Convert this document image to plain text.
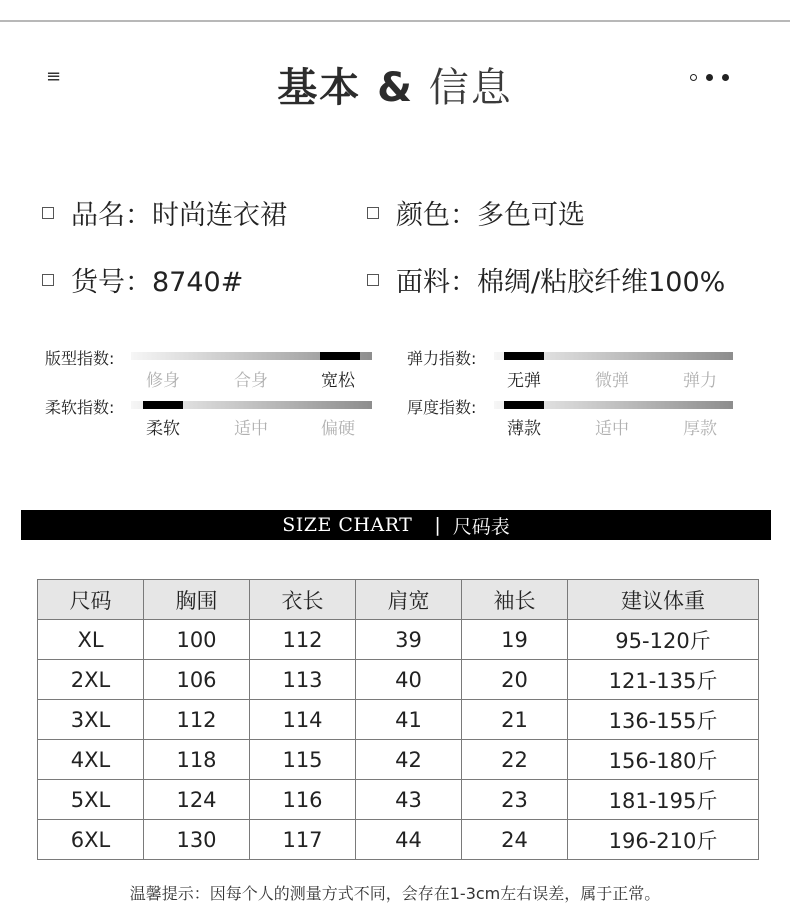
≡	基本 & 信息
品名：时尚连衣裙	颜色：多色可选
货号：8740#	面料：棉绸/粘胶纤维100%
版型指数:
修身	合身	宽松
弹力指数:
无弹	微弹	弹力
柔软指数:
柔软	适中	偏硬
厚度指数:
薄款	适中	厚款
SIZE CHART | 尺码表
尺码	胸围	衣长	肩宽	袖长	建议体重
XL	100	112	39	19	95-120斤
2XL	106	113	40	20	121-135斤
3XL	112	114	41	21	136-155斤
4XL	118	115	42	22	156-180斤
5XL	124	116	43	23	181-195斤
6XL	130	117	44	24	196-210斤
温馨提示：因每个人的测量方式不同，会存在1-3cm左右误差，属于正常。
